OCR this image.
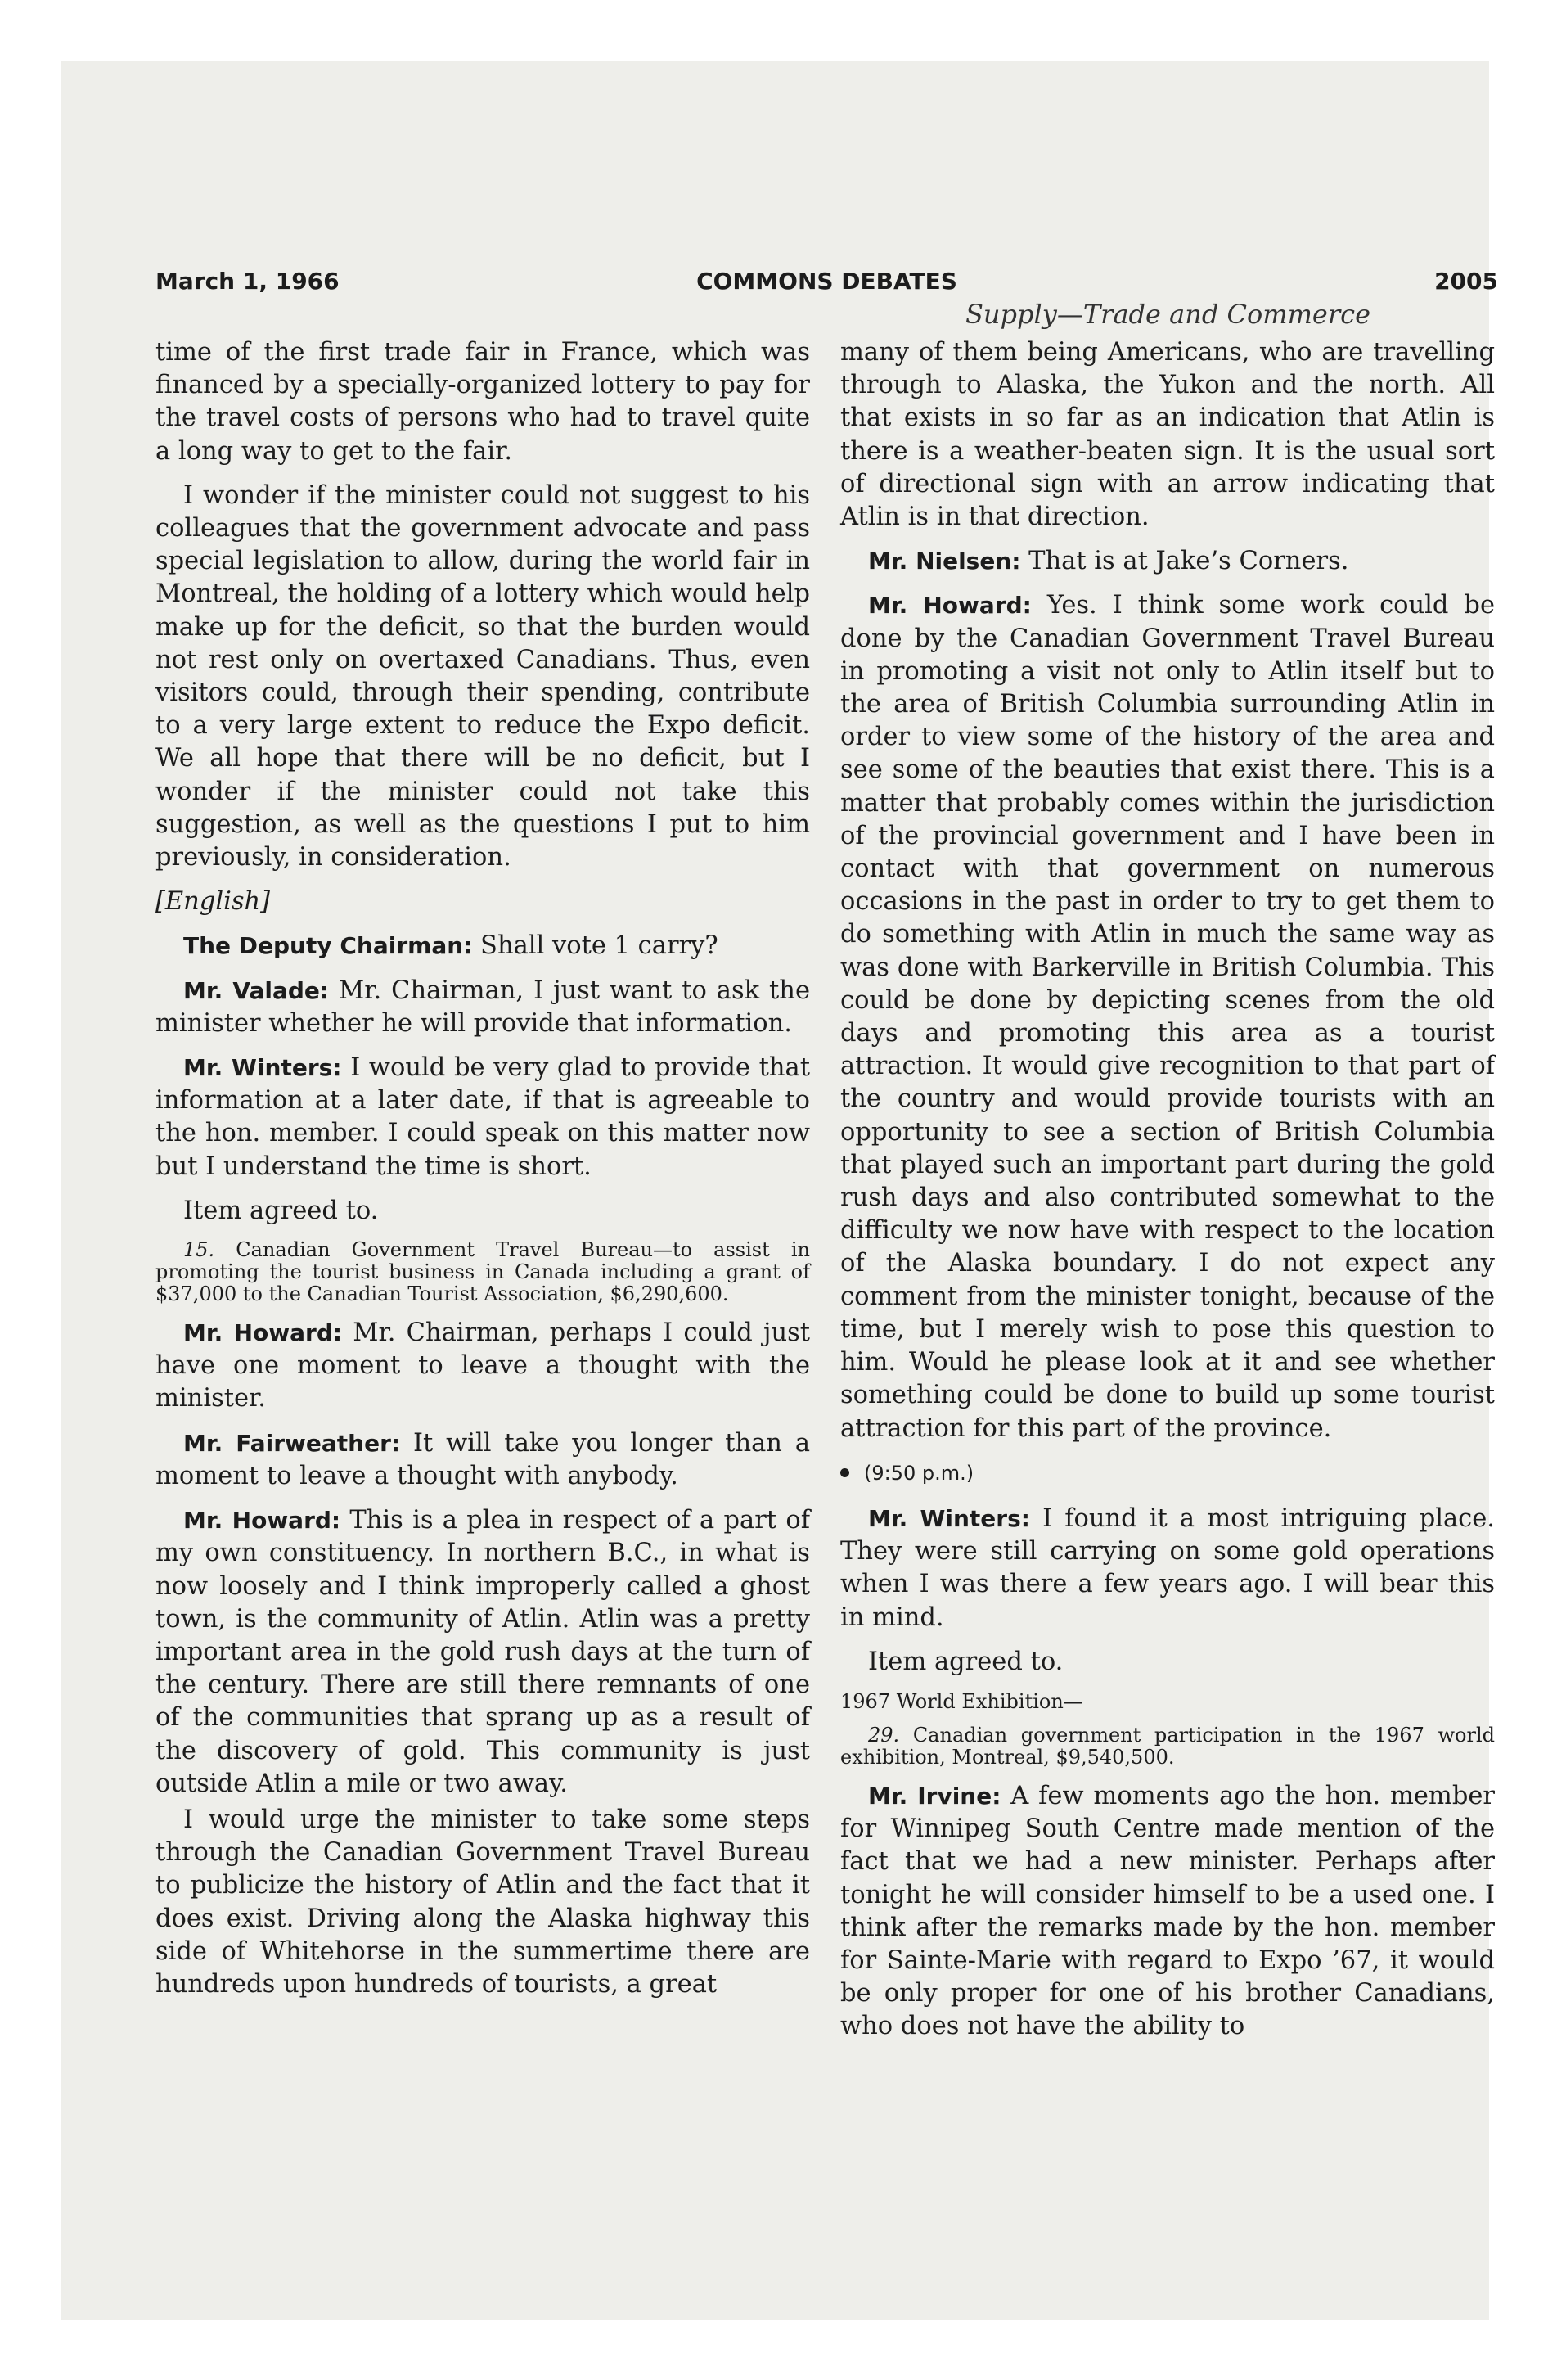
March 1, 1966	COMMONS DEBATES	2005
Supply—Trade and Commerce

time of the first trade fair in France, which was financed by a specially-organized lottery to pay for the travel costs of persons who had to travel quite a long way to get to the fair.

I wonder if the minister could not suggest to his colleagues that the government advocate and pass special legislation to allow, during the world fair in Montreal, the holding of a lottery which would help make up for the deficit, so that the burden would not rest only on overtaxed Canadians. Thus, even visitors could, through their spending, contribute to a very large extent to reduce the Expo deficit. We all hope that there will be no deficit, but I wonder if the minister could not take this suggestion, as well as the questions I put to him previously, in consideration.

[English]

The Deputy Chairman: Shall vote 1 carry?

Mr. Valade: Mr. Chairman, I just want to ask the minister whether he will provide that information.

Mr. Winters: I would be very glad to provide that information at a later date, if that is agreeable to the hon. member. I could speak on this matter now but I understand the time is short.

Item agreed to.

15. Canadian Government Travel Bureau—to assist in promoting the tourist business in Canada including a grant of $37,000 to the Canadian Tourist Association, $6,290,600.

Mr. Howard: Mr. Chairman, perhaps I could just have one moment to leave a thought with the minister.

Mr. Fairweather: It will take you longer than a moment to leave a thought with anybody.

Mr. Howard: This is a plea in respect of a part of my own constituency. In northern B.C., in what is now loosely and I think improperly called a ghost town, is the community of Atlin. Atlin was a pretty important area in the gold rush days at the turn of the century. There are still there remnants of one of the communities that sprang up as a result of the discovery of gold. This community is just outside Atlin a mile or two away.

I would urge the minister to take some steps through the Canadian Government Travel Bureau to publicize the history of Atlin and the fact that it does exist. Driving along the Alaska highway this side of Whitehorse in the summertime there are hundreds upon hundreds of tourists, a great

many of them being Americans, who are travelling through to Alaska, the Yukon and the north. All that exists in so far as an indication that Atlin is there is a weather-beaten sign. It is the usual sort of directional sign with an arrow indicating that Atlin is in that direction.

Mr. Nielsen: That is at Jake’s Corners.

Mr. Howard: Yes. I think some work could be done by the Canadian Government Travel Bureau in promoting a visit not only to Atlin itself but to the area of British Columbia surrounding Atlin in order to view some of the history of the area and see some of the beauties that exist there. This is a matter that probably comes within the jurisdiction of the provincial government and I have been in contact with that government on numerous occasions in the past in order to try to get them to do something with Atlin in much the same way as was done with Barkerville in British Columbia. This could be done by depicting scenes from the old days and promoting this area as a tourist attraction. It would give recognition to that part of the country and would provide tourists with an opportunity to see a section of British Columbia that played such an important part during the gold rush days and also contributed somewhat to the difficulty we now have with respect to the location of the Alaska boundary. I do not expect any comment from the minister tonight, because of the time, but I merely wish to pose this question to him. Would he please look at it and see whether something could be done to build up some tourist attraction for this part of the province.

(9:50 p.m.)

Mr. Winters: I found it a most intriguing place. They were still carrying on some gold operations when I was there a few years ago. I will bear this in mind.

Item agreed to.

1967 World Exhibition—

29. Canadian government participation in the 1967 world exhibition, Montreal, $9,540,500.

Mr. Irvine: A few moments ago the hon. member for Winnipeg South Centre made mention of the fact that we had a new minister. Perhaps after tonight he will consider himself to be a used one. I think after the remarks made by the hon. member for Sainte-Marie with regard to Expo ’67, it would be only proper for one of his brother Canadians, who does not have the ability to
